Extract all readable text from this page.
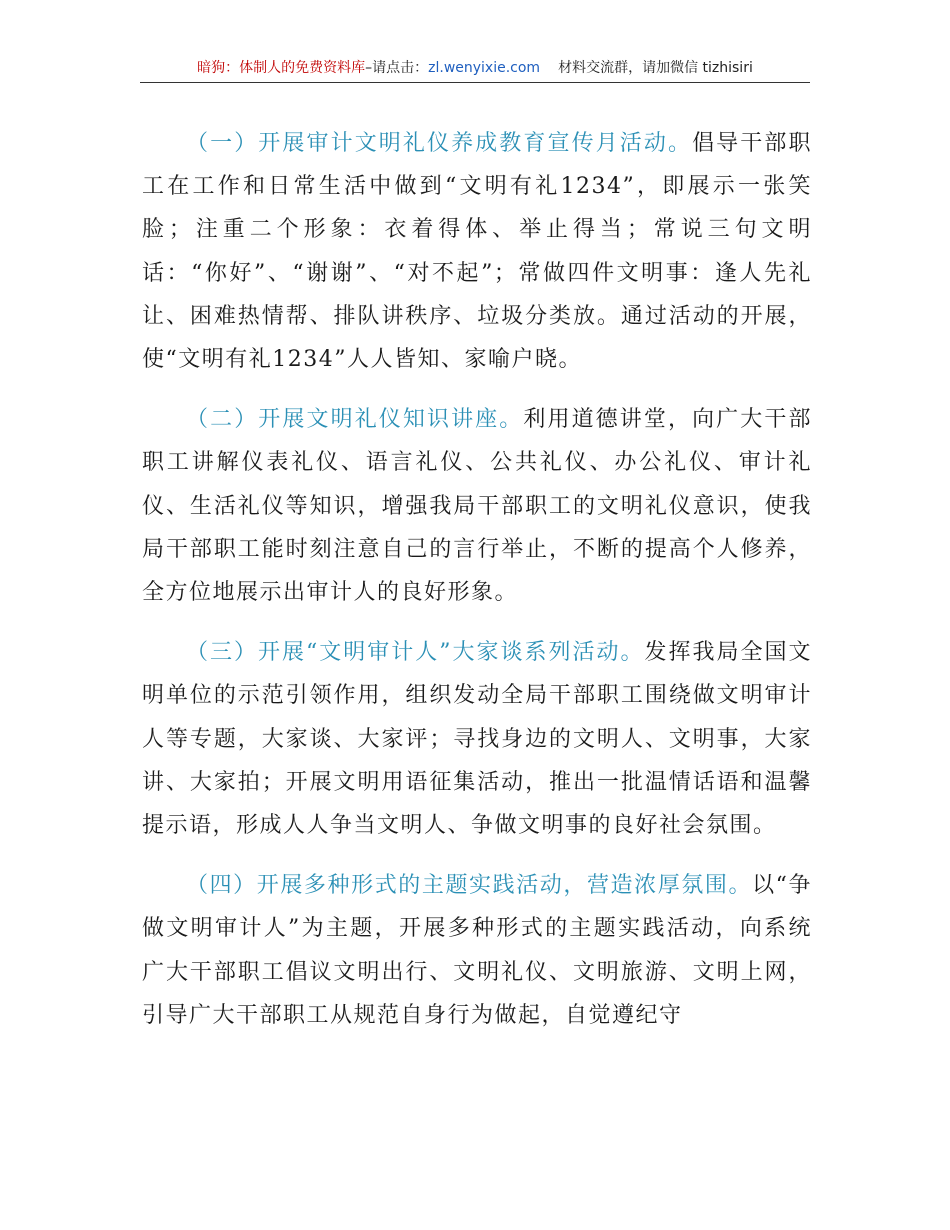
暗狗：体制人的免费资料库–请点击：zl.wenyixie.com 材料交流群，请加微信 tizhisiri

（一）开展审计文明礼仪养成教育宣传月活动。倡导干部职工在工作和日常生活中做到“文明有礼1234”，即展示一张笑脸；注重二个形象：衣着得体、举止得当；常说三句文明话：“你好”、“谢谢”、“对不起”；常做四件文明事：逢人先礼让、困难热情帮、排队讲秩序、垃圾分类放。通过活动的开展，使“文明有礼1234”人人皆知、家喻户晓。

（二）开展文明礼仪知识讲座。利用道德讲堂，向广大干部职工讲解仪表礼仪、语言礼仪、公共礼仪、办公礼仪、审计礼仪、生活礼仪等知识，增强我局干部职工的文明礼仪意识，使我局干部职工能时刻注意自己的言行举止，不断的提高个人修养，全方位地展示出审计人的良好形象。

（三）开展“文明审计人”大家谈系列活动。发挥我局全国文明单位的示范引领作用，组织发动全局干部职工围绕做文明审计人等专题，大家谈、大家评；寻找身边的文明人、文明事，大家讲、大家拍；开展文明用语征集活动，推出一批温情话语和温馨提示语，形成人人争当文明人、争做文明事的良好社会氛围。

（四）开展多种形式的主题实践活动，营造浓厚氛围。以“争做文明审计人”为主题，开展多种形式的主题实践活动，向系统广大干部职工倡议文明出行、文明礼仪、文明旅游、文明上网，引导广大干部职工从规范自身行为做起，自觉遵纪守
